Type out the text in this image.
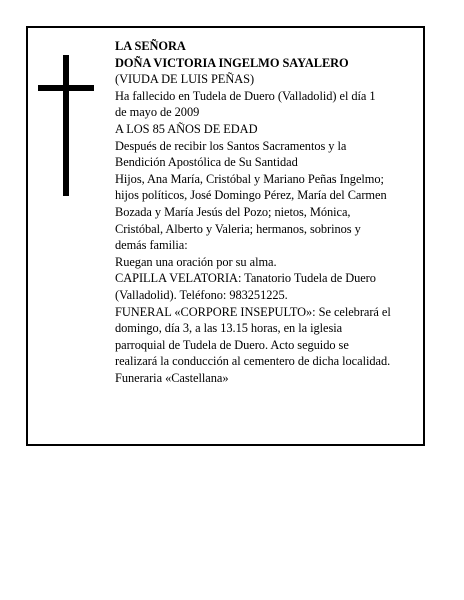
LA SEÑORA
DOÑA VICTORIA INGELMO SAYALERO
(VIUDA DE LUIS PEÑAS)
Ha fallecido en Tudela de Duero (Valladolid) el día 1
de mayo de 2009
A LOS 85 AÑOS DE EDAD
Después de recibir los Santos Sacramentos y la
Bendición Apostólica de Su Santidad
Hijos, Ana María, Cristóbal y Mariano Peñas Ingelmo;
hijos políticos, José Domingo Pérez, María del Carmen
Bozada y María Jesús del Pozo; nietos, Mónica,
Cristóbal, Alberto y Valeria; hermanos, sobrinos y
demás familia:
Ruegan una oración por su alma.
CAPILLA VELATORIA: Tanatorio Tudela de Duero
(Valladolid). Teléfono: 983251225.
FUNERAL «CORPORE INSEPULTO»: Se celebrará el
domingo, día 3, a las 13.15 horas, en la iglesia
parroquial de Tudela de Duero. Acto seguido se
realizará la conducción al cementero de dicha localidad.
Funeraria «Castellana»
